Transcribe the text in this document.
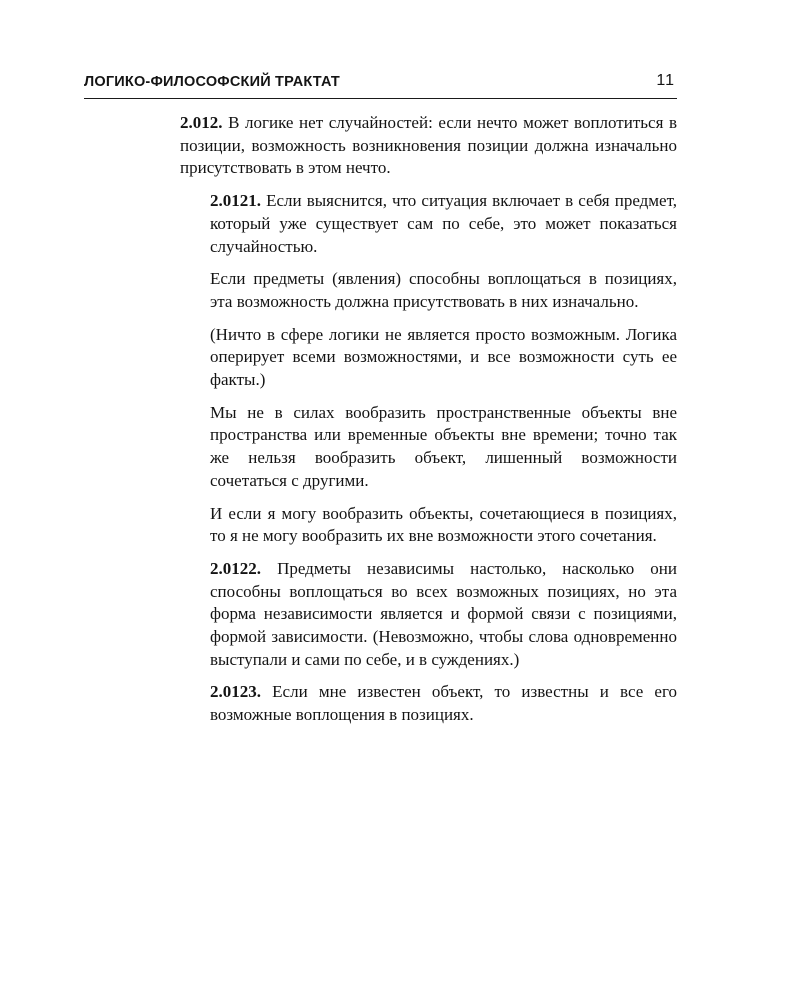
ЛОГИКО-ФИЛОСОФСКИЙ ТРАКТАТ	11

2.012. В логике нет случайностей: если нечто может воплотиться в позиции, возможность возникновения позиции должна изначально присутствовать в этом нечто.

2.0121. Если выяснится, что ситуация включает в себя предмет, который уже существует сам по себе, это может показаться случайностью.

Если предметы (явления) способны воплощаться в позициях, эта возможность должна присутствовать в них изначально.

(Ничто в сфере логики не является просто возможным. Логика оперирует всеми возможностями, и все возможности суть ее факты.)

Мы не в силах вообразить пространственные объекты вне пространства или временные объекты вне времени; точно так же нельзя вообразить объект, лишенный возможности сочетаться с другими.

И если я могу вообразить объекты, сочетающиеся в позициях, то я не могу вообразить их вне возможности этого сочетания.

2.0122. Предметы независимы настолько, насколько они способны воплощаться во всех возможных позициях, но эта форма независимости является и формой связи с позициями, формой зависимости. (Невозможно, чтобы слова одновременно выступали и сами по себе, и в суждениях.)

2.0123. Если мне известен объект, то известны и все его возможные воплощения в позициях.
